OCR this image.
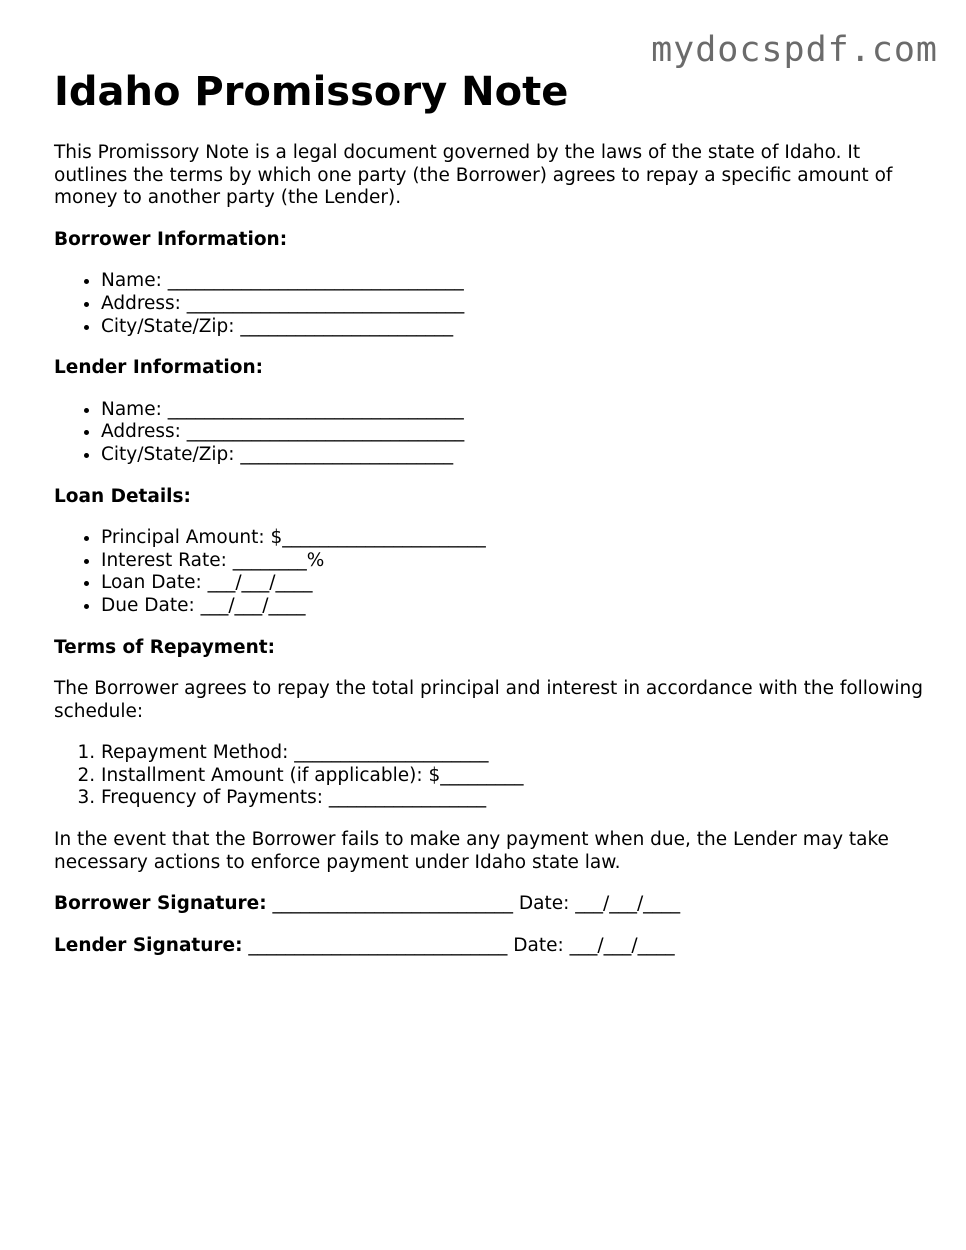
mydocspdf.com
Idaho Promissory Note

This Promissory Note is a legal document governed by the laws of the state of Idaho. It outlines the terms by which one party (the Borrower) agrees to repay a specific amount of money to another party (the Lender).

Borrower Information:
• Name: ________________________________
• Address: ______________________________
• City/State/Zip: _______________________
Lender Information:
• Name: ________________________________
• Address: ______________________________
• City/State/Zip: _______________________
Loan Details:
• Principal Amount: $______________________
• Interest Rate: ________%
• Loan Date: ___/___/____
• Due Date: ___/___/____
Terms of Repayment:

The Borrower agrees to repay the total principal and interest in accordance with the following schedule:

1. Repayment Method: _____________________
2. Installment Amount (if applicable): $_________
3. Frequency of Payments: _________________

In the event that the Borrower fails to make any payment when due, the Lender may take necessary actions to enforce payment under Idaho state law.

Borrower Signature: __________________________ Date: ___/___/____
Lender Signature: ____________________________ Date: ___/___/____
